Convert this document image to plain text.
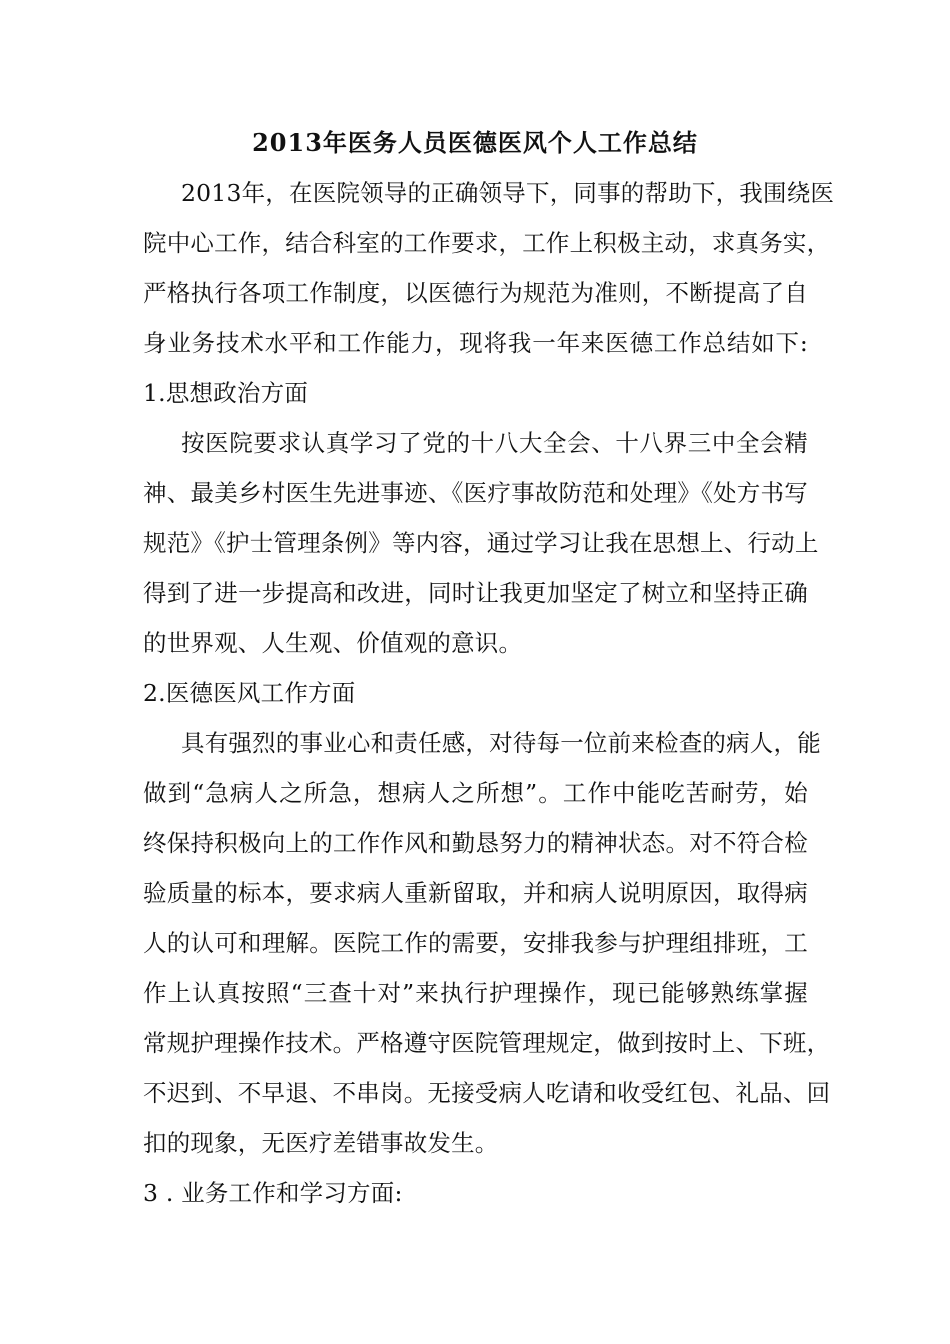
2013年医务人员医德医风个人工作总结
2013年，在医院领导的正确领导下，同事的帮助下，我围绕医
院中心工作，结合科室的工作要求，工作上积极主动，求真务实，
严格执行各项工作制度，以医德行为规范为准则，不断提高了自
身业务技术水平和工作能力，现将我一年来医德工作总结如下:
1.思想政治方面
按医院要求认真学习了党的十八大全会、十八界三中全会精
神、最美乡村医生先进事迹、《医疗事故防范和处理》《处方书写
规范》《护士管理条例》等内容，通过学习让我在思想上、行动上
得到了进一步提高和改进，同时让我更加坚定了树立和坚持正确
的世界观、人生观、价值观的意识。
2.医德医风工作方面
具有强烈的事业心和责任感，对待每一位前来检查的病人，能
做到“急病人之所急，想病人之所想”。工作中能吃苦耐劳，始
终保持积极向上的工作作风和勤恳努力的精神状态。对不符合检
验质量的标本，要求病人重新留取，并和病人说明原因，取得病
人的认可和理解。医院工作的需要，安排我参与护理组排班，工
作上认真按照“三查十对”来执行护理操作，现已能够熟练掌握
常规护理操作技术。严格遵守医院管理规定，做到按时上、下班，
不迟到、不早退、不串岗。无接受病人吃请和收受红包、礼品、回
扣的现象，无医疗差错事故发生。
3 . 业务工作和学习方面:
